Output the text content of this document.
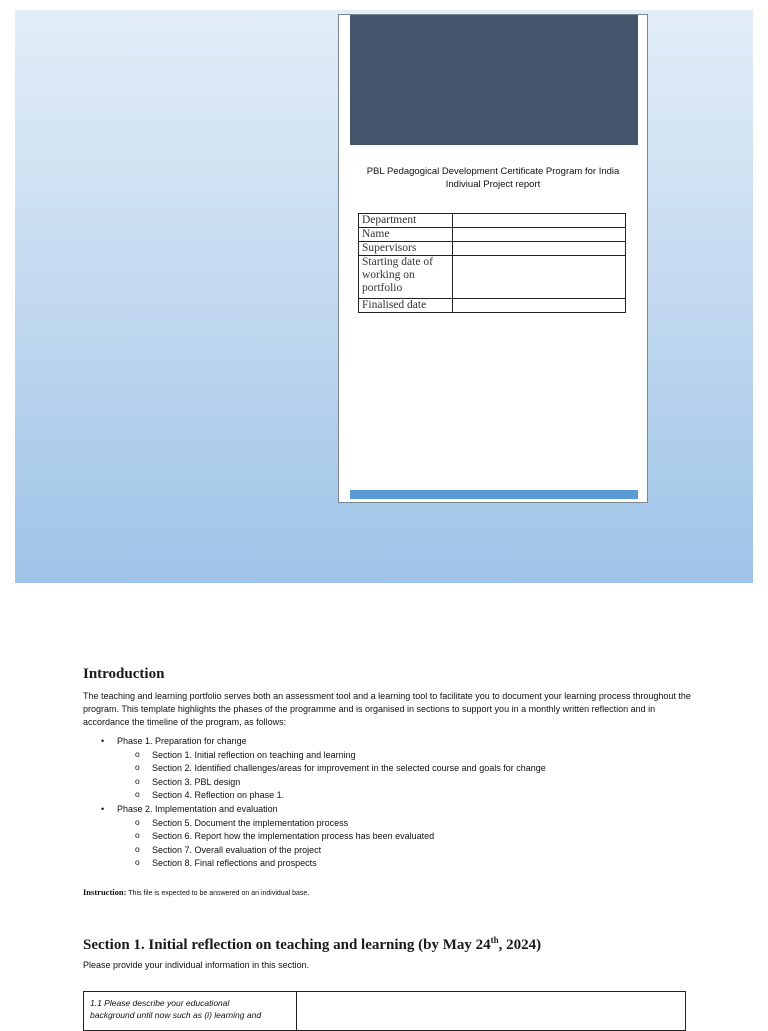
PBL Pedagogical Development Certificate Program for India
Indiviual Project report
Department	
Name	
Supervisors	
Starting date of working on portfolio	
Finalised date	
Introduction
The teaching and learning portfolio serves both an assessment tool and a learning tool to facilitate you to document your learning process throughout the program. This template highlights the phases of the programme and is organised in sections to support you in a monthly written reflection and in accordance the timeline of the program, as follows:
• Phase 1. Preparation for change
o Section 1. Initial reflection on teaching and learning
o Section 2. Identified challenges/areas for improvement in the selected course and goals for change
o Section 3. PBL design
o Section 4. Reflection on phase 1.
• Phase 2. Implementation and evaluation
o Section 5. Document the implementation process
o Section 6. Report how the implementation process has been evaluated
o Section 7. Overall evaluation of the project
o Section 8. Final reflections and prospects
Instruction: This file is expected to be answered on an individual base.
Section 1. Initial reflection on teaching and learning (by May 24th, 2024)
Please provide your individual information in this section.
1.1 Please describe your educational
background until now such as (i) learning and
